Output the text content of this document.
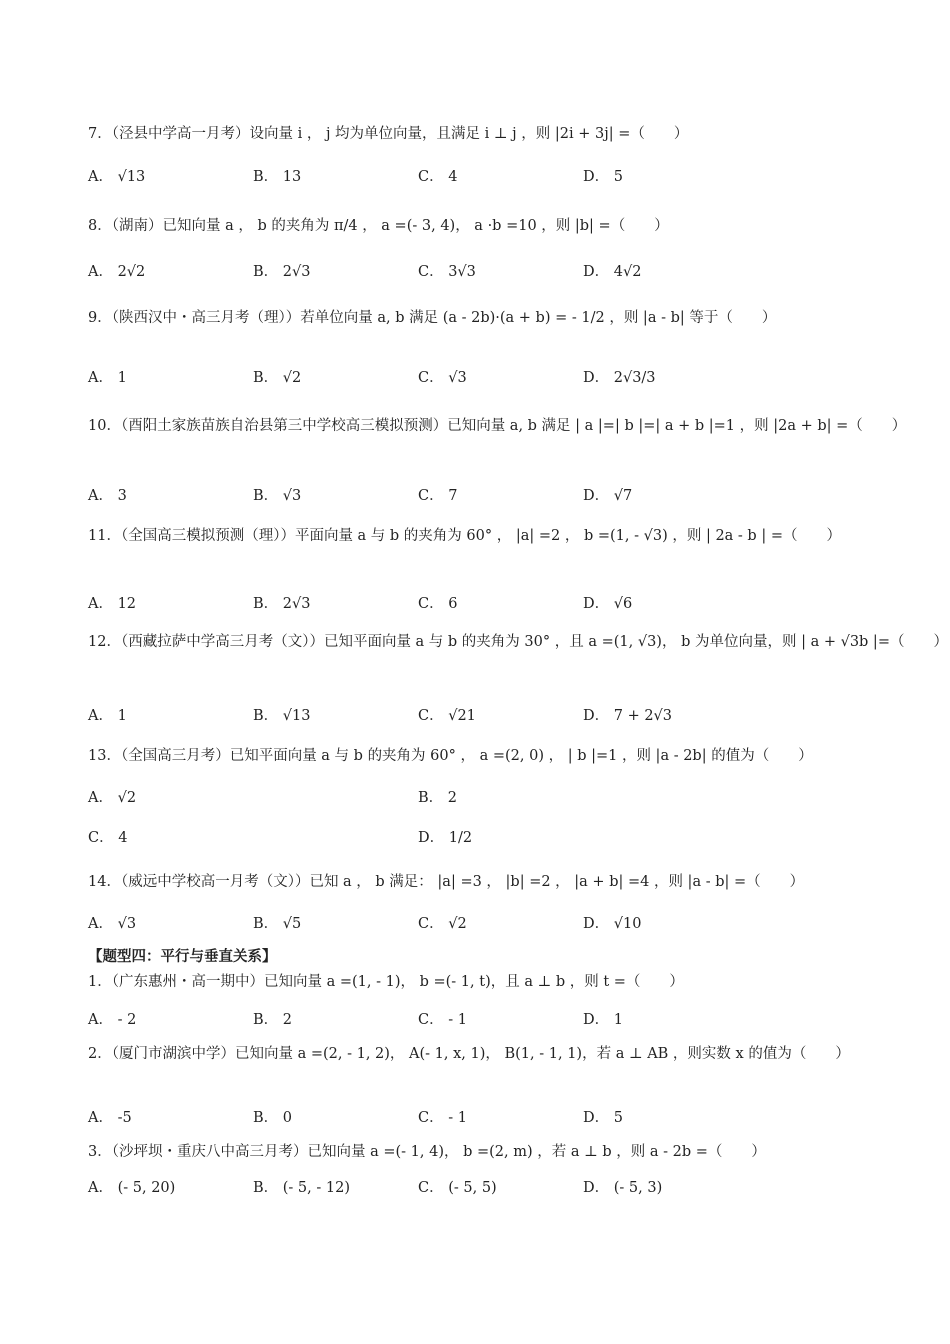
7．（泾县中学高一月考）设向量 i ， j 均为单位向量，且满足 i ⊥ j ，则 |2i + 3j| =（　　）
A． √13	B． 13	C． 4	D． 5
8．（湖南）已知向量 a ， b 的夹角为 π/4 ， a =(- 3, 4)， a ·b =10 ，则 |b| =（　　）
A． 2√2	B． 2√3	C． 3√3	D． 4√2
9．（陕西汉中・高三月考（理））若单位向量 a, b 满足 (a - 2b)·(a + b) = - 1/2 ，则 |a - b| 等于（　　）
A． 1	B． √2	C． √3	D． 2√3/3
10．（酉阳土家族苗族自治县第三中学校高三模拟预测）已知向量 a, b 满足 | a |=| b |=| a + b |=1 ，则 |2a + b| =（　　）
A． 3	B． √3	C． 7	D． √7
11．（全国高三模拟预测（理））平面向量 a 与 b 的夹角为 60° ， |a| =2 ， b =(1, - √3) ，则 | 2a - b | =（　　）
A． 12	B． 2√3	C． 6	D． √6
12．（西藏拉萨中学高三月考（文））已知平面向量 a 与 b 的夹角为 30° ，且 a =(1, √3)， b 为单位向量，则 | a + √3b |=（　　）
A． 1	B． √13	C． √21	D． 7 + 2√3
13．（全国高三月考）已知平面向量 a 与 b 的夹角为 60° ， a =(2, 0) ， | b |=1 ，则 |a - 2b| 的值为（　　）
A． √2	B． 2
C． 4	D． 1/2
14．（威远中学校高一月考（文））已知 a ， b 满足： |a| =3 ， |b| =2 ， |a + b| =4 ，则 |a - b| =（　　）
A． √3	B． √5	C． √2	D． √10
【题型四：平行与垂直关系】
1．（广东惠州・高一期中）已知向量 a =(1, - 1)， b =(- 1, t)，且 a ⊥ b ，则 t =（　　）
A． - 2	B． 2	C． - 1	D． 1
2．（厦门市湖滨中学）已知向量 a =(2, - 1, 2)， A(- 1, x, 1)， B(1, - 1, 1)，若 a ⊥ AB ，则实数 x 的值为（　　）
A． -5	B． 0	C． - 1	D． 5
3．（沙坪坝・重庆八中高三月考）已知向量 a =(- 1, 4)， b =(2, m) ，若 a ⊥ b ，则 a - 2b =（　　）
A． (- 5, 20)	B． (- 5, - 12)	C． (- 5, 5)	D． (- 5, 3)
